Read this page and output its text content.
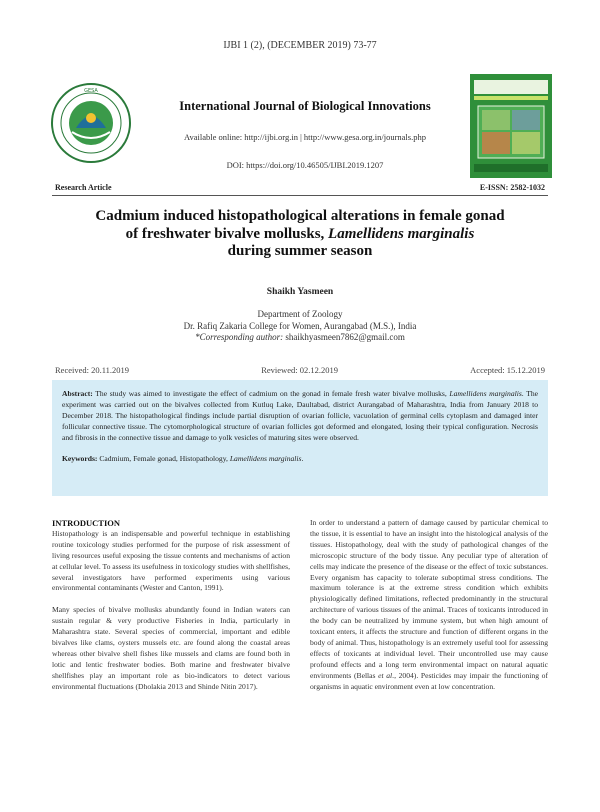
IJBI 1 (2), (DECEMBER 2019) 73-77
GESA
International Journal of Biological Innovations
Available online: http://ijbi.org.in | http://www.gesa.org.in/journals.php
DOI: https://doi.org/10.46505/IJBI.2019.1207
Research Article	E-ISSN: 2582-1032
Cadmium induced histopathological alterations in female gonad
of freshwater bivalve mollusks, Lamellidens marginalis
during summer season
Shaikh Yasmeen
Department of Zoology
Dr. Rafiq Zakaria College for Women, Aurangabad (M.S.), India
*Corresponding author: shaikhyasmeen7862@gmail.com
Received: 20.11.2019	Reviewed: 02.12.2019	Accepted: 15.12.2019
Abstract: The study was aimed to investigate the effect of cadmium on the gonad in female fresh water bivalve mollusks, Lamellidens marginalis. The experiment was carried out on the bivalves collected from Kutluq Lake, Daultabad, district Aurangabad of Maharashtra, India from January 2018 to December 2018. The histopathological findings include partial disruption of ovarian follicle, vacuolation of germinal cells cytoplasm and damaged inter follicular connective tissue. The cytomorphological structure of ovarian follicles got deformed and elongated, losing their typical configuration. Necrosis and fibrosis in the connective tissue and damage to yolk vesicles of maturing sites were observed.
Keywords: Cadmium, Female gonad, Histopathology, Lamellidens marginalis.
INTRODUCTION

Histopathology is an indispensable and powerful technique in establishing routine toxicology studies performed for the purpose of risk assessment of living resources useful exposing the tissue contents and mechanisms of action at cellular level. To assess its usefulness in toxicology studies with shellfishes, several investigators have performed experiments using various environmental contaminants (Wester and Canton, 1991).

Many species of bivalve mollusks abundantly found in Indian waters can sustain regular & very productive Fisheries in India, particularly in Maharashtra state. Several species of commercial, important and edible bivalves like clams, oysters mussels etc. are found along the coastal areas whereas other bivalve shell fishes like mussels and clams are found both in lotic and lentic freshwater bodies. Both marine and freshwater bivalve shellfishes play an important role as bio-indicators to detect various environmental fluctuations (Dholakia 2013 and Shinde Nitin 2017).

In order to understand a pattern of damage caused by particular chemical to the tissue, it is essential to have an insight into the histological analysis of the tissues. Histopathology, deal with the study of pathological changes of the microscopic structure of the body tissue. Any peculiar type of alteration of cells may indicate the presence of the disease or the effect of toxic substances. Every organism has capacity to tolerate suboptimal stress conditions. The maximum tolerance is at the extreme stress condition which exhibits physiologically defined limitations, reflected predominantly in the structural architecture of various tissues of the animal. Traces of toxicants introduced in the body can be neutralized by immune system, but when high amount of toxicant enters, it affects the structure and function of different organs in the body of animal. Thus, histopathology is an extremely useful tool for assessing effects of toxicants at individual level. Their uncontrolled use may cause profound effects and a long term environmental impact on natural aquatic environments (Bellas et al., 2004). Pesticides may impair the functioning of organisms in aquatic environment even at low concentration.
